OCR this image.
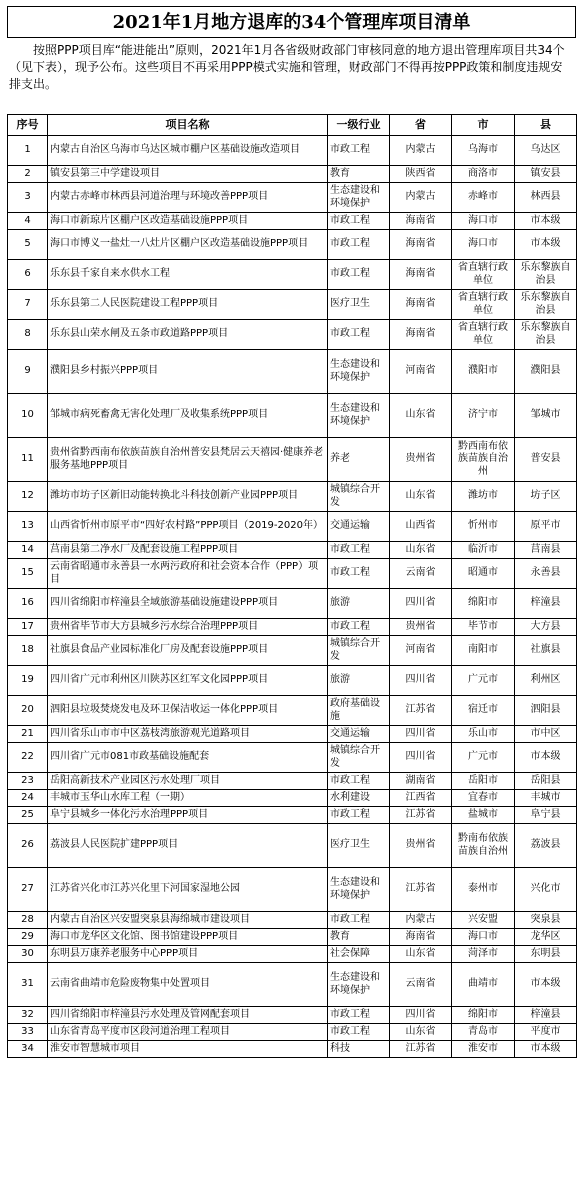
2021年1月地方退库的34个管理库项目清单
按照PPP项目库“能进能出”原则，2021年1月各省级财政部门审核同意的地方退出管理库项目共34个（见下表），现予公布。这些项目不再采用PPP模式实施和管理，财政部门不得再按PPP政策和制度违规安排支出。
序号	项目名称	一级行业	省	市	县
1	内蒙古自治区乌海市乌达区城市棚户区基础设施改造项目	市政工程	内蒙古	乌海市	乌达区
2	镇安县第三中学建设项目	教育	陕西省	商洛市	镇安县
3	内蒙古赤峰市林西县河道治理与环境改善PPP项目	生态建设和环境保护	内蒙古	赤峰市	林西县
4	海口市新琼片区棚户区改造基础设施PPP项目	市政工程	海南省	海口市	市本级
5	海口市博义一盐灶一八灶片区棚户区改造基础设施PPP项目	市政工程	海南省	海口市	市本级
6	乐东县千家自来水供水工程	市政工程	海南省	省直辖行政单位	乐东黎族自治县
7	乐东县第二人民医院建设工程PPP项目	医疗卫生	海南省	省直辖行政单位	乐东黎族自治县
8	乐东县山荣水闸及五条市政道路PPP项目	市政工程	海南省	省直辖行政单位	乐东黎族自治县
9	濮阳县乡村振兴PPP项目	生态建设和环境保护	河南省	濮阳市	濮阳县
10	邹城市病死畜禽无害化处理厂及收集系统PPP项目	生态建设和环境保护	山东省	济宁市	邹城市
11	贵州省黔西南布依族苗族自治州普安县梵居云天禧园·健康养老服务基地PPP项目	养老	贵州省	黔西南布依族苗族自治州	普安县
12	潍坊市坊子区新旧动能转换北斗科技创新产业园PPP项目	城镇综合开发	山东省	潍坊市	坊子区
13	山西省忻州市原平市“四好农村路”PPP项目（2019-2020年）	交通运输	山西省	忻州市	原平市
14	莒南县第二净水厂及配套设施工程PPP项目	市政工程	山东省	临沂市	莒南县
15	云南省昭通市永善县一水两污政府和社会资本合作（PPP）项目	市政工程	云南省	昭通市	永善县
16	四川省绵阳市梓潼县全域旅游基础设施建设PPP项目	旅游	四川省	绵阳市	梓潼县
17	贵州省毕节市大方县城乡污水综合治理PPP项目	市政工程	贵州省	毕节市	大方县
18	社旗县食品产业园标准化厂房及配套设施PPP项目	城镇综合开发	河南省	南阳市	社旗县
19	四川省广元市利州区川陕苏区红军文化园PPP项目	旅游	四川省	广元市	利州区
20	泗阳县垃圾焚烧发电及环卫保洁收运一体化PPP项目	政府基础设施	江苏省	宿迁市	泗阳县
21	四川省乐山市市中区荔枝湾旅游观光道路项目	交通运输	四川省	乐山市	市中区
22	四川省广元市081市政基础设施配套	城镇综合开发	四川省	广元市	市本级
23	岳阳高新技术产业园区污水处理厂项目	市政工程	湖南省	岳阳市	岳阳县
24	丰城市玉华山水库工程（一期）	水利建设	江西省	宜春市	丰城市
25	阜宁县城乡一体化污水治理PPP项目	市政工程	江苏省	盐城市	阜宁县
26	荔波县人民医院扩建PPP项目	医疗卫生	贵州省	黔南布依族苗族自治州	荔波县
27	江苏省兴化市江苏兴化里下河国家湿地公园	生态建设和环境保护	江苏省	泰州市	兴化市
28	内蒙古自治区兴安盟突泉县海绵城市建设项目	市政工程	内蒙古	兴安盟	突泉县
29	海口市龙华区文化馆、图书馆建设PPP项目	教育	海南省	海口市	龙华区
30	东明县万康养老服务中心PPP项目	社会保障	山东省	菏泽市	东明县
31	云南省曲靖市危险废物集中处置项目	生态建设和环境保护	云南省	曲靖市	市本级
32	四川省绵阳市梓潼县污水处理及管网配套项目	市政工程	四川省	绵阳市	梓潼县
33	山东省青岛平度市区段河道治理工程项目	市政工程	山东省	青岛市	平度市
34	淮安市智慧城市项目	科技	江苏省	淮安市	市本级
